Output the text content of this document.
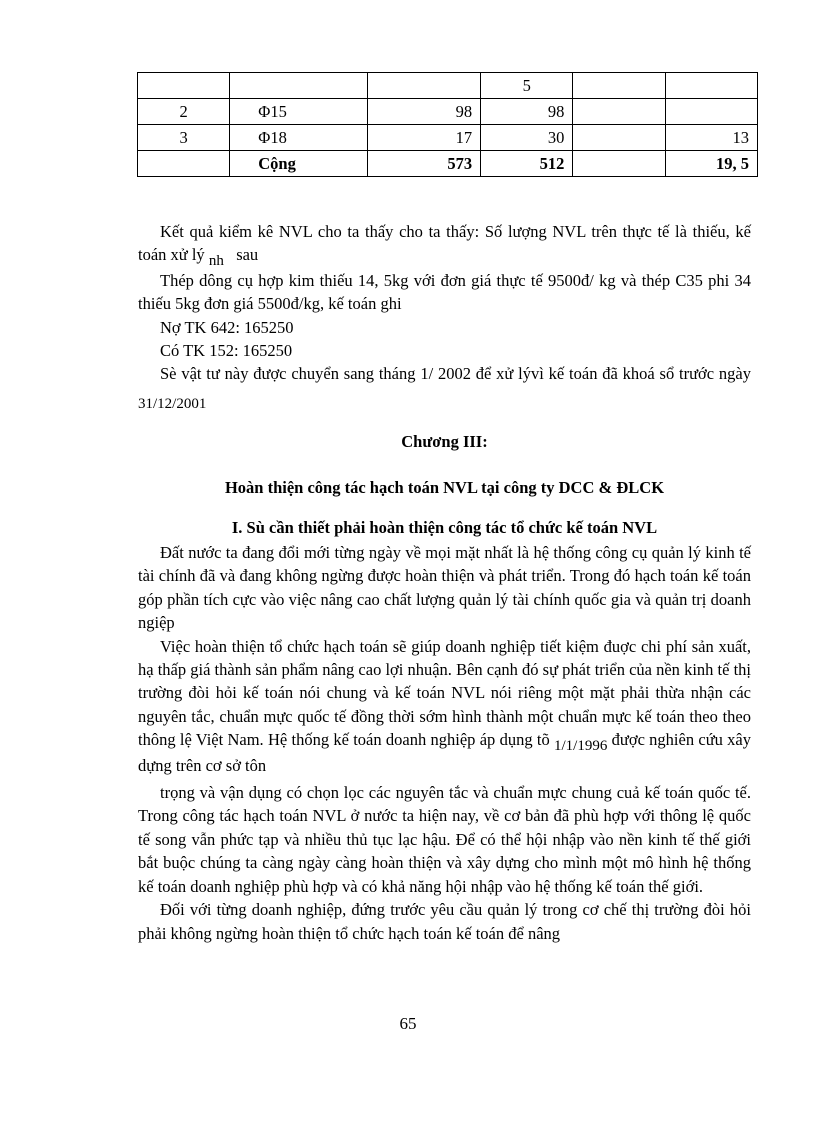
			5		
2	Φ15	98	98		
3	Φ18	17	30		13
	Cộng	573	512		19, 5

Kết quả kiểm kê NVL cho ta thấy cho ta thấy: Số lượng NVL trên thực tế là thiếu, kế toán xử lý nh sau

Thép dông cụ hợp kim thiếu 14, 5kg với đơn giá thực tế 9500đ/ kg và thép C35 phi 34 thiếu 5kg đơn giá 5500đ/kg, kế toán ghi

Nợ TK 642: 165250

Có TK 152: 165250

Sè vật tư này được chuyển sang tháng 1/ 2002 để xử lývì kế toán đã khoá sổ trước ngày 31/12/2001

Chương III:
Hoàn thiện công tác hạch toán NVL tại công ty DCC & ĐLCK
I. Sù cần thiết phải hoàn thiện công tác tổ chức kế toán NVL

Đất nước ta đang đổi mới từng ngày về mọi mặt nhất là hệ thống công cụ quản lý kinh tế tài chính đã và đang không ngừng được hoàn thiện và phát triển. Trong đó hạch toán kế toán góp phần tích cực vào việc nâng cao chất lượng quản lý tài chính quốc gia và quản trị doanh ngiệp

Việc hoàn thiện tổ chức hạch toán sẽ giúp doanh nghiệp tiết kiệm đuợc chi phí sản xuất, hạ thấp giá thành sản phẩm nâng cao lợi nhuận. Bên cạnh đó sự phát triển của nền kinh tế thị trường đòi hỏi kế toán nói chung và kế toán NVL nói riêng một mặt phải thừa nhận các nguyên tắc, chuẩn mực quốc tế đồng thời sớm hình thành một chuẩn mực kế toán theo theo thông lệ Việt Nam. Hệ thống kế toán doanh nghiệp áp dụng tõ 1/1/1996 được nghiên cứu xây dựng trên cơ sở tôn

trọng và vận dụng có chọn lọc các nguyên tắc và chuẩn mực chung cuả kế toán quốc tế. Trong công tác hạch toán NVL ở nước ta hiện nay, về cơ bản đã phù hợp với thông lệ quốc tế song vẫn phức tạp và nhiều thủ tục lạc hậu. Để có thể hội nhập vào nền kinh tế thế giới bắt buộc chúng ta càng ngày càng hoàn thiện và xây dựng cho mình một mô hình hệ thống kế toán doanh nghiệp phù hợp và có khả năng hội nhập vào hệ thống kế toán thế giới.

Đối với từng doanh nghiệp, đứng trước yêu cầu quản lý trong cơ chế thị trường đòi hỏi phải không ngừng hoàn thiện tổ chức hạch toán kế toán để nâng

65
